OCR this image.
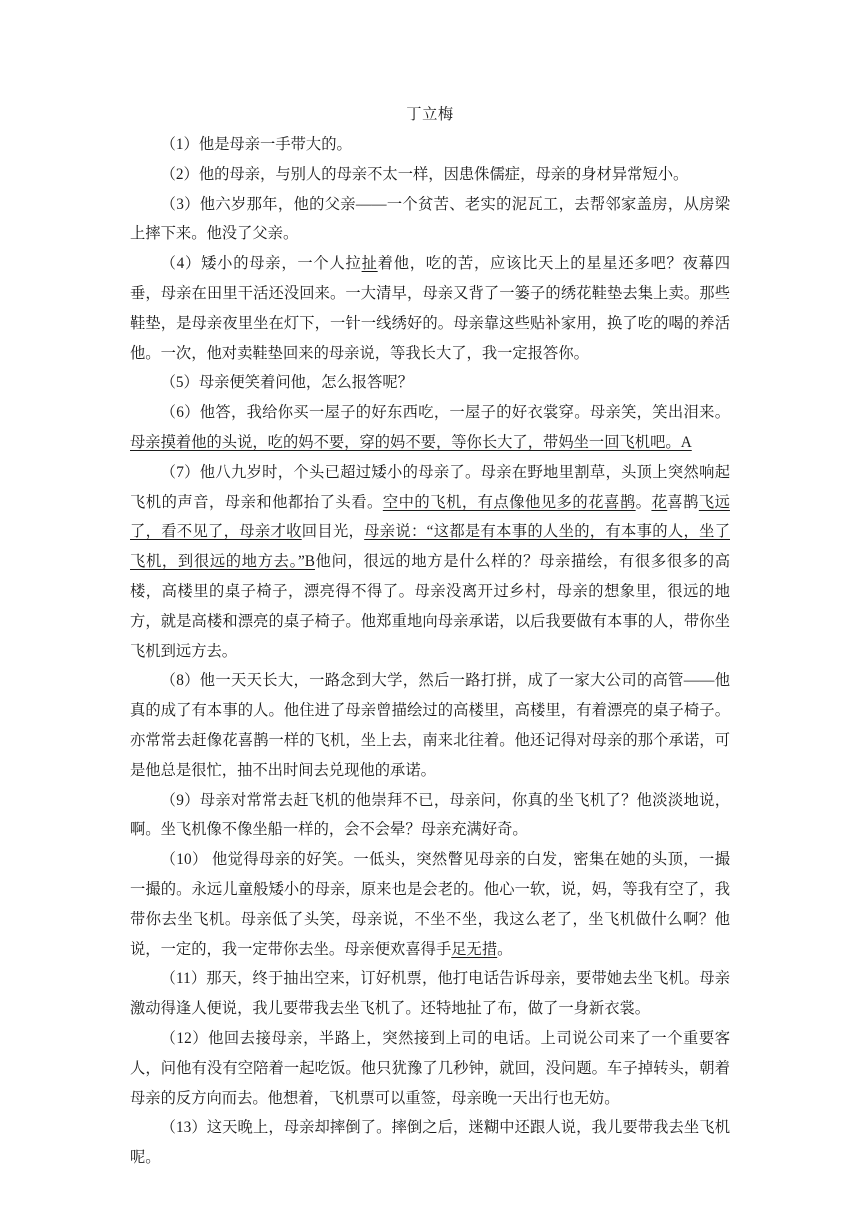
丁立梅

（1）他是母亲一手带大的。

（2）他的母亲，与别人的母亲不太一样，因患侏儒症，母亲的身材异常短小。

（3）他六岁那年，他的父亲——一个贫苦、老实的泥瓦工，去帮邻家盖房，从房梁上摔下来。他没了父亲。

（4）矮小的母亲，一个人拉扯着他，吃的苦，应该比天上的星星还多吧？夜幕四垂，母亲在田里干活还没回来。一大清早，母亲又背了一篓子的绣花鞋垫去集上卖。那些鞋垫，是母亲夜里坐在灯下，一针一线绣好的。母亲靠这些贴补家用，换了吃的喝的养活他。一次，他对卖鞋垫回来的母亲说，等我长大了，我一定报答你。

（5）母亲便笑着问他，怎么报答呢？

（6）他答，我给你买一屋子的好东西吃，一屋子的好衣裳穿。母亲笑，笑出泪来。母亲摸着他的头说，吃的妈不要，穿的妈不要，等你长大了，带妈坐一回飞机吧。A

（7）他八九岁时，个头已超过矮小的母亲了。母亲在野地里割草，头顶上突然响起飞机的声音，母亲和他都抬了头看。空中的飞机，有点像他见多的花喜鹊。花喜鹊飞远了，看不见了，母亲才收回目光，母亲说：“这都是有本事的人坐的，有本事的人，坐了飞机，到很远的地方去。”B他问，很远的地方是什么样的？母亲描绘，有很多很多的高楼，高楼里的桌子椅子，漂亮得不得了。母亲没离开过乡村，母亲的想象里，很远的地方，就是高楼和漂亮的桌子椅子。他郑重地向母亲承诺，以后我要做有本事的人，带你坐飞机到远方去。

（8）他一天天长大，一路念到大学，然后一路打拼，成了一家大公司的高管——他真的成了有本事的人。他住进了母亲曾描绘过的高楼里，高楼里，有着漂亮的桌子椅子。亦常常去赶像花喜鹊一样的飞机，坐上去，南来北往着。他还记得对母亲的那个承诺，可是他总是很忙，抽不出时间去兑现他的承诺。

（9）母亲对常常去赶飞机的他崇拜不已，母亲问，你真的坐飞机了？他淡淡地说，啊。坐飞机像不像坐船一样的，会不会晕？母亲充满好奇。

（10） 他觉得母亲的好笑。一低头，突然瞥见母亲的白发，密集在她的头顶，一撮一撮的。永远儿童般矮小的母亲，原来也是会老的。他心一软，说，妈，等我有空了，我带你去坐飞机。母亲低了头笑，母亲说，不坐不坐，我这么老了，坐飞机做什么啊？他说，一定的，我一定带你去坐。母亲便欢喜得手足无措。

（11）那天，终于抽出空来，订好机票，他打电话告诉母亲，要带她去坐飞机。母亲激动得逢人便说，我儿要带我去坐飞机了。还特地扯了布，做了一身新衣裳。

（12）他回去接母亲，半路上，突然接到上司的电话。上司说公司来了一个重要客人，问他有没有空陪着一起吃饭。他只犹豫了几秒钟，就回，没问题。车子掉转头，朝着母亲的反方向而去。他想着，飞机票可以重签，母亲晚一天出行也无妨。

（13）这天晚上，母亲却摔倒了。摔倒之后，迷糊中还跟人说，我儿要带我去坐飞机呢。
